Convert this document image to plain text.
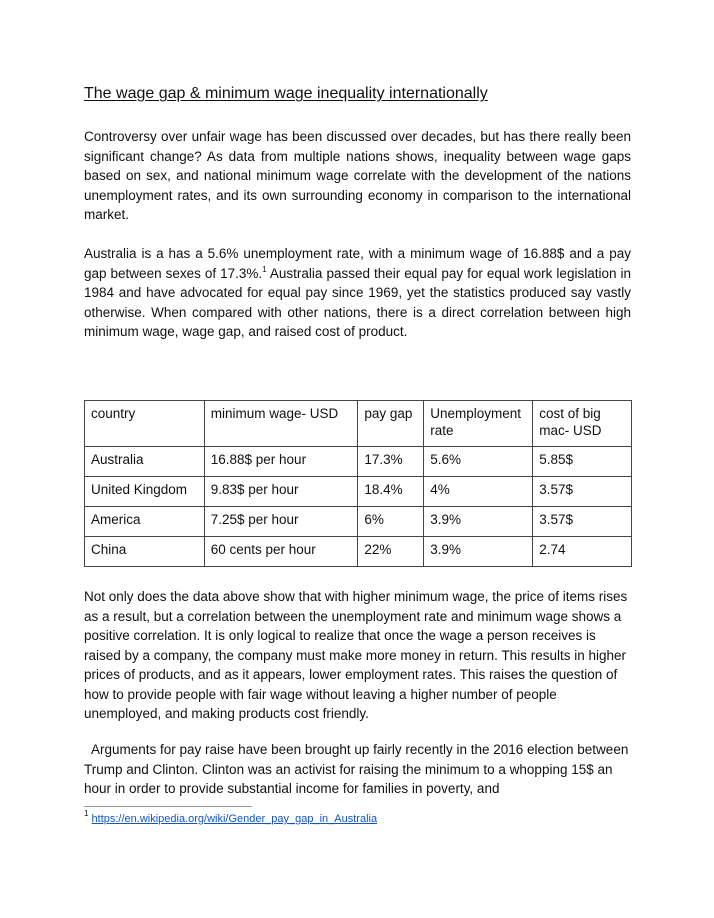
The wage gap & minimum wage inequality internationally

Controversy over unfair wage has been discussed over decades, but has there really been significant change? As data from multiple nations shows, inequality between wage gaps based on sex, and national minimum wage correlate with the development of the nations unemployment rates, and its own surrounding economy in comparison to the international market.

Australia is a has a 5.6% unemployment rate, with a minimum wage of 16.88$ and a pay gap between sexes of 17.3%.$^1$ Australia passed their equal pay for equal work legislation in 1984 and have advocated for equal pay since 1969, yet the statistics produced say vastly otherwise. When compared with other nations, there is a direct correlation between high minimum wage, wage gap, and raised cost of product.

country	minimum wage- USD	pay gap	Unemployment rate	cost of big mac- USD
Australia	16.88$ per hour	17.3%	5.6%	5.85$
United Kingdom	9.83$ per hour	18.4%	4%	3.57$
America	7.25$ per hour	6%	3.9%	3.57$
China	60 cents per hour	22%	3.9%	2.74

Not only does the data above show that with higher minimum wage, the price of items rises as a result, but a correlation between the unemployment rate and minimum wage shows a positive correlation. It is only logical to realize that once the wage a person receives is raised by a company, the company must make more money in return. This results in higher prices of products, and as it appears, lower employment rates. This raises the question of how to provide people with fair wage without leaving a higher number of people unemployed, and making products cost friendly.

Arguments for pay raise have been brought up fairly recently in the 2016 election between Trump and Clinton. Clinton was an activist for raising the minimum to a whopping 15$ an hour in order to provide substantial income for families in poverty, and

$^1$ https://en.wikipedia.org/wiki/Gender_pay_gap_in_Australia
